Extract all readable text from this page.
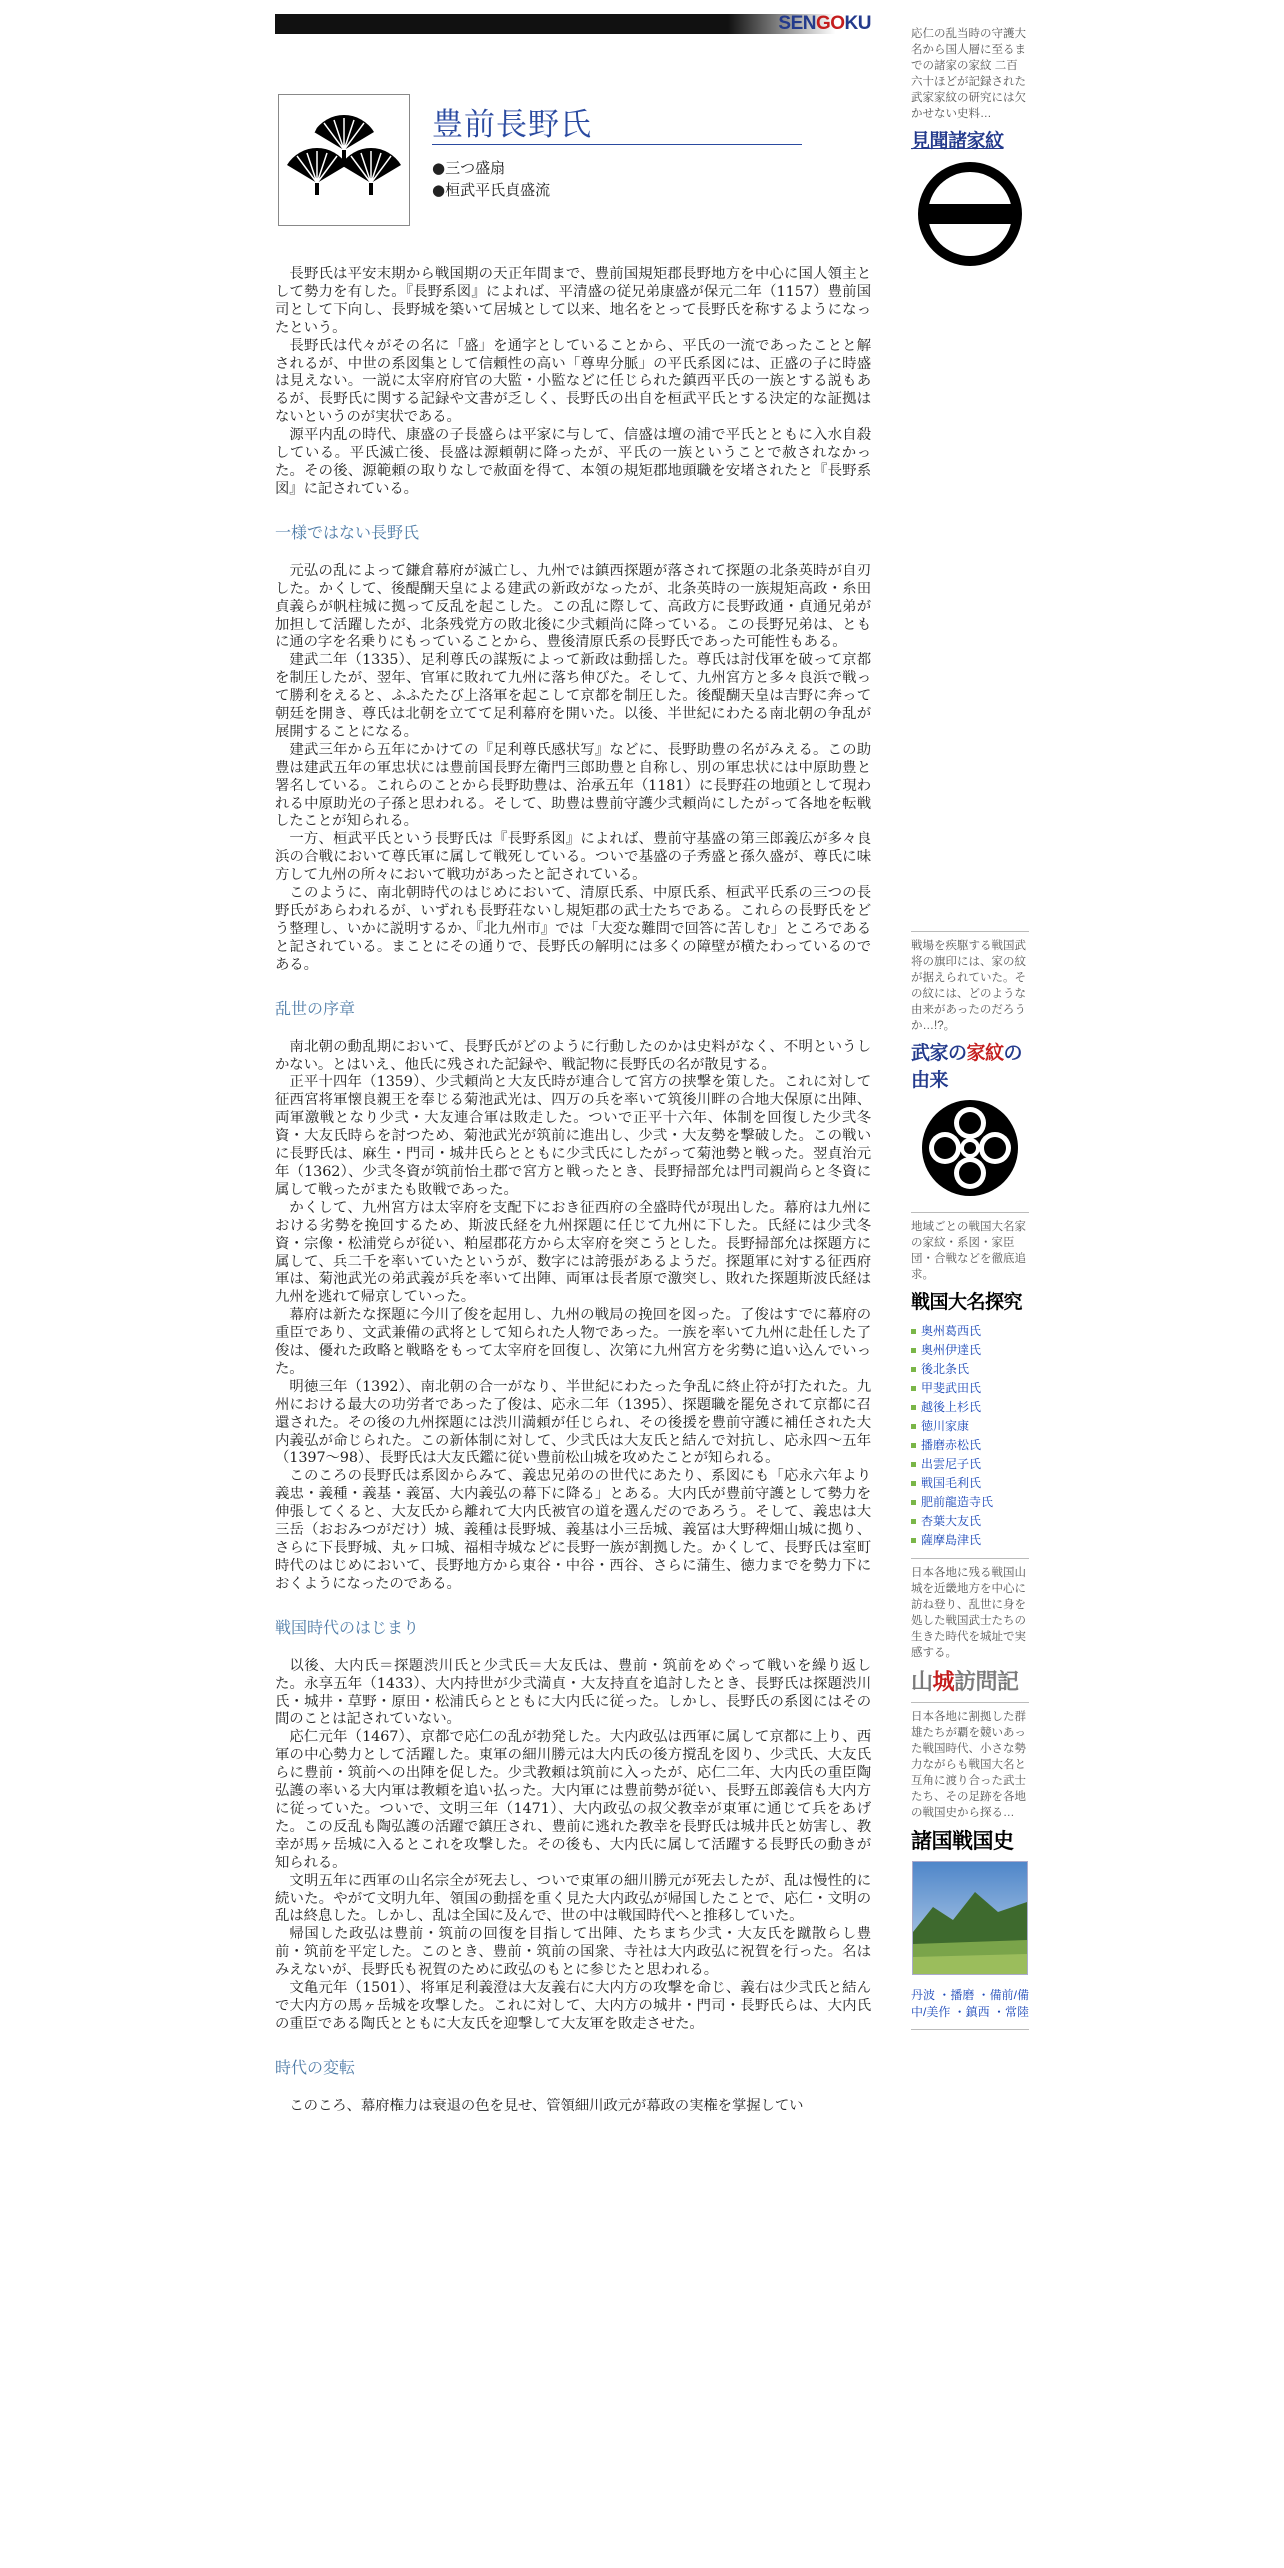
SENGOKU
豊前長野氏
●三つ盛扇
●桓武平氏貞盛流

長野氏は平安末期から戦国期の天正年間まで、豊前国規矩郡長野地方を中心に国人領主として勢力を有した。『長野系図』によれば、平清盛の従兄弟康盛が保元二年（1157）豊前国司として下向し、長野城を築いて居城として以来、地名をとって長野氏を称するようになったという。

長野氏は代々がその名に「盛」を通字としていることから、平氏の一流であったことと解されるが、中世の系図集として信頼性の高い「尊卑分脈」の平氏系図には、正盛の子に時盛は見えない。一説に太宰府府官の大監・小監などに任じられた鎮西平氏の一族とする説もあるが、長野氏に関する記録や文書が乏しく、長野氏の出自を桓武平氏とする決定的な証拠はないというのが実状である。

源平内乱の時代、康盛の子長盛らは平家に与して、信盛は壇の浦で平氏とともに入水自殺している。平氏滅亡後、長盛は源頼朝に降ったが、平氏の一族ということで赦されなかった。その後、源範頼の取りなしで赦面を得て、本領の規矩郡地頭職を安堵されたと『長野系図』に記されている。

一様ではない長野氏

元弘の乱によって鎌倉幕府が滅亡し、九州では鎮西探題が落されて探題の北条英時が自刃した。かくして、後醍醐天皇による建武の新政がなったが、北条英時の一族規矩高政・糸田貞義らが帆柱城に拠って反乱を起こした。この乱に際して、高政方に長野政通・貞通兄弟が加担して活躍したが、北条残党方の敗北後に少弐頼尚に降っている。この長野兄弟は、ともに通の字を名乗りにもっていることから、豊後清原氏系の長野氏であった可能性もある。

建武二年（1335）、足利尊氏の謀叛によって新政は動揺した。尊氏は討伐軍を破って京都を制圧したが、翌年、官軍に敗れて九州に落ち伸びた。そして、九州宮方と多々良浜で戦って勝利をえると、ふふたたび上洛軍を起こして京都を制圧した。後醍醐天皇は吉野に奔って朝廷を開き、尊氏は北朝を立てて足利幕府を開いた。以後、半世紀にわたる南北朝の争乱が展開することになる。

建武三年から五年にかけての『足利尊氏感状写』などに、長野助豊の名がみえる。この助豊は建武五年の軍忠状には豊前国長野左衛門三郎助豊と自称し、別の軍忠状には中原助豊と署名している。これらのことから長野助豊は、治承五年（1181）に長野荘の地頭として現われる中原助光の子孫と思われる。そして、助豊は豊前守護少弐頼尚にしたがって各地を転戦したことが知られる。

一方、桓武平氏という長野氏は『長野系図』によれば、豊前守基盛の第三郎義広が多々良浜の合戦において尊氏軍に属して戦死している。ついで基盛の子秀盛と孫久盛が、尊氏に味方して九州の所々において戦功があったと記されている。

このように、南北朝時代のはじめにおいて、清原氏系、中原氏系、桓武平氏系の三つの長野氏があらわれるが、いずれも長野荘ないし規矩郡の武士たちである。これらの長野氏をどう整理し、いかに説明するか、『北九州市』では「大変な難問で回答に苦しむ」ところであると記されている。まことにその通りで、長野氏の解明には多くの障壁が横たわっているのである。

乱世の序章

南北朝の動乱期において、長野氏がどのように行動したのかは史料がなく、不明というしかない。とはいえ、他氏に残された記録や、戦記物に長野氏の名が散見する。

正平十四年（1359）、少弐頼尚と大友氏時が連合して宮方の挟撃を策した。これに対して征西宮将軍懐良親王を奉じる菊池武光は、四万の兵を率いて筑後川畔の合地大保原に出陣、両軍激戦となり少弐・大友連合軍は敗走した。ついで正平十六年、体制を回復した少弐冬資・大友氏時らを討つため、菊池武光が筑前に進出し、少弐・大友勢を撃破した。この戦いに長野氏は、麻生・門司・城井氏らとともに少弐氏にしたがって菊池勢と戦った。翌貞治元年（1362）、少弐冬資が筑前怡土郡で宮方と戦ったとき、長野掃部允は門司親尚らと冬資に属して戦ったがまたも敗戦であった。

かくして、九州宮方は太宰府を支配下におき征西府の全盛時代が現出した。幕府は九州における劣勢を挽回するため、斯波氏経を九州探題に任じて九州に下した。氏経には少弐冬資・宗像・松浦党らが従い、粕屋郡花方から太宰府を突こうとした。長野掃部允は探題方に属して、兵二千を率いていたというが、数字には誇張があるようだ。探題軍に対する征西府軍は、菊池武光の弟武義が兵を率いて出陣、両軍は長者原で激突し、敗れた探題斯波氏経は九州を逃れて帰京していった。

幕府は新たな探題に今川了俊を起用し、九州の戦局の挽回を図った。了俊はすでに幕府の重臣であり、文武兼備の武将として知られた人物であった。一族を率いて九州に赴任した了俊は、優れた政略と戦略をもって太宰府を回復し、次第に九州宮方を劣勢に追い込んでいった。

明徳三年（1392）、南北朝の合一がなり、半世紀にわたった争乱に終止符が打たれた。九州における最大の功労者であった了俊は、応永二年（1395）、探題職を罷免されて京都に召還された。その後の九州探題には渋川満頼が任じられ、その後援を豊前守護に補任された大内義弘が命じられた。この新体制に対して、少弐氏は大友氏と結んで対抗し、応永四～五年（1397～98）、長野氏は大友氏鑑に従い豊前松山城を攻めたことが知られる。

このころの長野氏は系図からみて、義忠兄弟のの世代にあたり、系図にも「応永六年より義忠・義種・義基・義冨、大内義弘の幕下に降る」とある。大内氏が豊前守護として勢力を伸張してくると、大友氏から離れて大内氏被官の道を選んだのであろう。そして、義忠は大三岳（おおみつがだけ）城、義種は長野城、義基は小三岳城、義冨は大野稗畑山城に拠り、さらに下長野城、丸ヶ口城、福相寺城などに長野一族が割拠した。かくして、長野氏は室町時代のはじめにおいて、長野地方から東谷・中谷・西谷、さらに蒲生、徳力までを勢力下におくようになったのである。

戦国時代のはじまり

以後、大内氏＝探題渋川氏と少弐氏＝大友氏は、豊前・筑前をめぐって戦いを繰り返した。永享五年（1433）、大内持世が少弐満貞・大友持直を追討したとき、長野氏は探題渋川氏・城井・草野・原田・松浦氏らとともに大内氏に従った。しかし、長野氏の系図にはその間のことは記されていない。

応仁元年（1467）、京都で応仁の乱が勃発した。大内政弘は西軍に属して京都に上り、西軍の中心勢力として活躍した。東軍の細川勝元は大内氏の後方撹乱を図り、少弐氏、大友氏らに豊前・筑前への出陣を促した。少弐教頼は筑前に入ったが、応仁二年、大内氏の重臣陶弘護の率いる大内軍は教頼を追い払った。大内軍には豊前勢が従い、長野五郎義信も大内方に従っていた。ついで、文明三年（1471）、大内政弘の叔父教幸が東軍に通じて兵をあげた。この反乱も陶弘護の活躍で鎮圧され、豊前に逃れた教幸を長野氏は城井氏と妨害し、教幸が馬ヶ岳城に入るとこれを攻撃した。その後も、大内氏に属して活躍する長野氏の動きが知られる。

文明五年に西軍の山名宗全が死去し、ついで東軍の細川勝元が死去したが、乱は慢性的に続いた。やがて文明九年、領国の動揺を重く見た大内政弘が帰国したことで、応仁・文明の乱は終息した。しかし、乱は全国に及んで、世の中は戦国時代へと推移していた。

帰国した政弘は豊前・筑前の回復を目指して出陣、たちまち少弐・大友氏を蹴散らし豊前・筑前を平定した。このとき、豊前・筑前の国衆、寺社は大内政弘に祝賀を行った。名はみえないが、長野氏も祝賀のために政弘のもとに参じたと思われる。

文亀元年（1501）、将軍足利義澄は大友義右に大内方の攻撃を命じ、義右は少弐氏と結んで大内方の馬ヶ岳城を攻撃した。これに対して、大内方の城井・門司・長野氏らは、大内氏の重臣である陶氏とともに大友氏を迎撃して大友軍を敗走させた。

時代の変転

このころ、幕府権力は衰退の色を見せ、管領細川政元が幕政の実権を掌握してい

応仁の乱当時の守護大名から国人層に至るまでの諸家の家紋 二百六十ほどが記録された武家家紋の研究には欠かせない史料…

見聞諸家紋

戦場を疾駆する戦国武将の旗印には、家の紋が据えられていた。その紋には、どのような由来があったのだろうか…!?。

武家の家紋の由来

地域ごとの戦国大名家の家紋・系図・家臣団・合戦などを徹底追求。

戦国大名探究
奥州葛西氏
奥州伊達氏
後北条氏
甲斐武田氏
越後上杉氏
徳川家康
播磨赤松氏
出雲尼子氏
戦国毛利氏
肥前龍造寺氏
杏葉大友氏
薩摩島津氏

日本各地に残る戦国山城を近畿地方を中心に訪ね登り、乱世に身を処した戦国武士たちの生きた時代を城址で実感する。

山城訪問記

日本各地に割拠した群雄たちが覇を競いあった戦国時代、小さな勢力ながらも戦国大名と互角に渡り合った武士たち、その足跡を各地の戦国史から探る…

諸国戦国史
丹波 ・播磨 ・備前/備中/美作 ・鎮西 ・常陸
